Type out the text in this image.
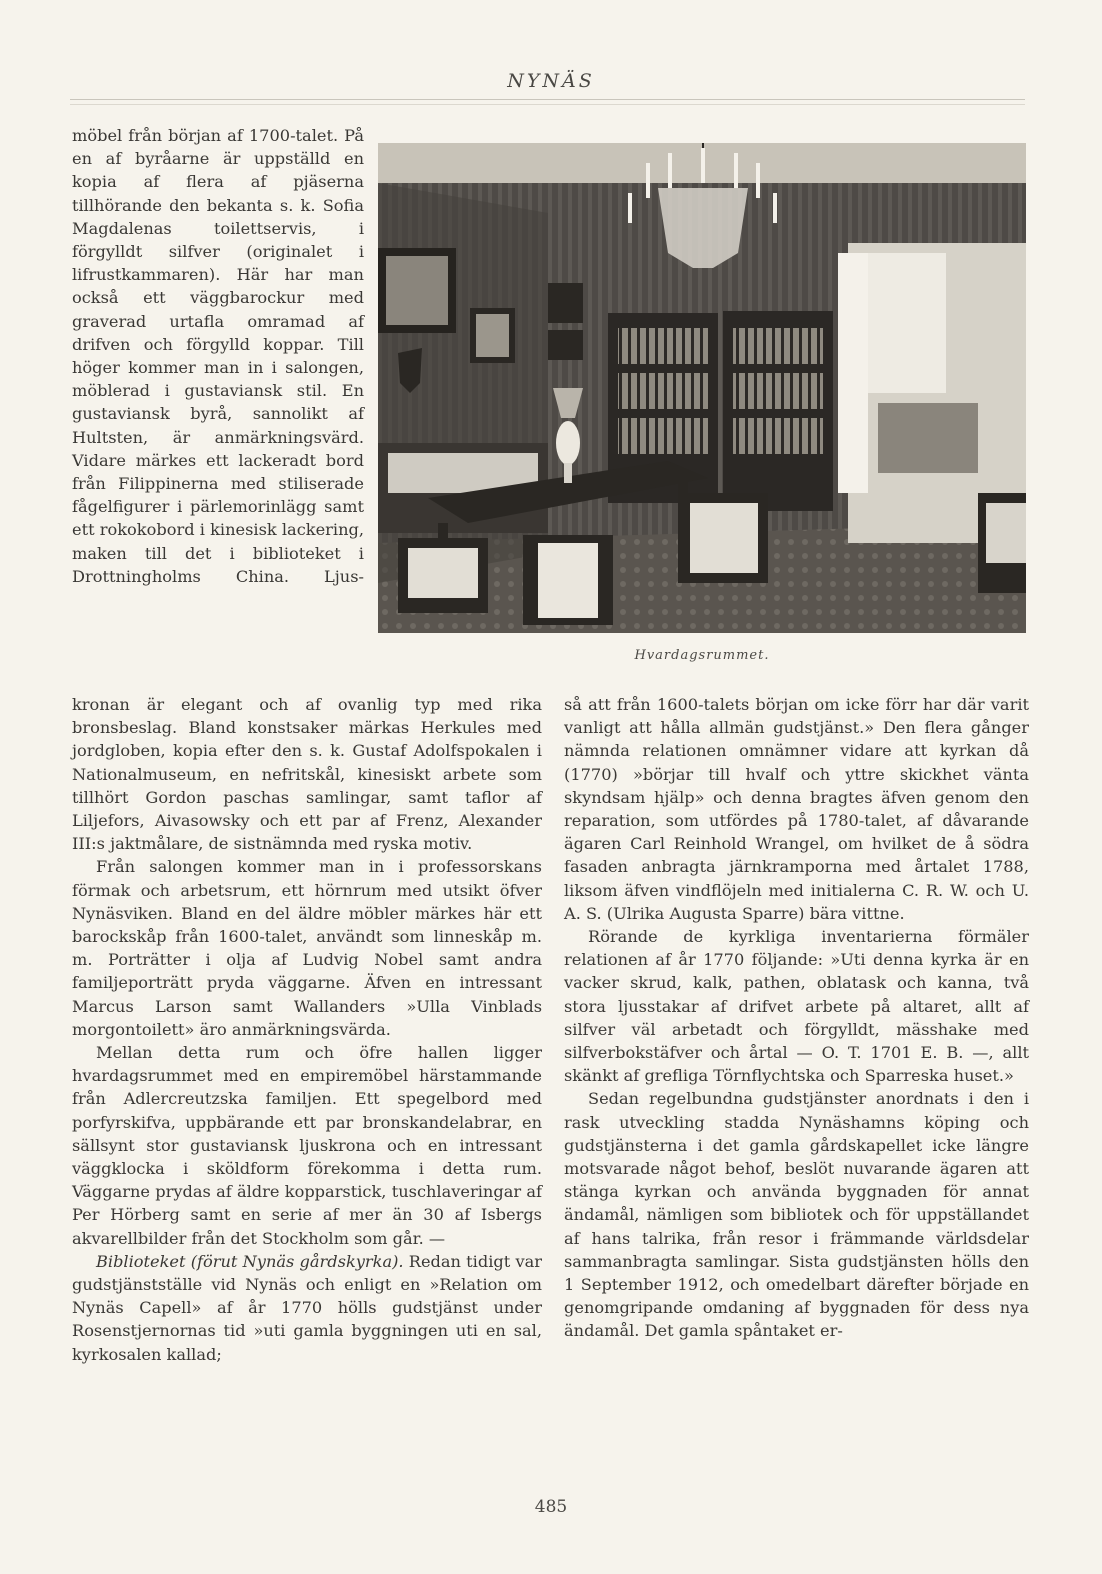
NYNÄS

möbel från början af 1700-talet. På en af byråarne är uppställd en kopia af flera af pjäserna tillhörande den bekanta s. k. Sofia Magdalenas toilettservis, i förgylldt silfver (originalet i lifrustkammaren). Här har man också ett väggbarockur med graverad urtafla omramad af drifven och förgylld koppar. Till höger kommer man in i salongen, möblerad i gustaviansk stil. En gustaviansk byrå, sannolikt af Hultsten, är anmärkningsvärd. Vidare märkes ett lackeradt bord från Filippinerna med stiliserade fågelfigurer i pärlemorinlägg samt ett rokokobord i kinesisk lackering, maken till det i biblioteket i Drottningholms China. Ljus-

Hvardagsrummet.

kronan är elegant och af ovanlig typ med rika bronsbeslag. Bland konstsaker märkas Herkules med jordgloben, kopia efter den s. k. Gustaf Adolfspokalen i Nationalmuseum, en nefritskål, kinesiskt arbete som tillhört Gordon paschas samlingar, samt taflor af Liljefors, Aivasowsky och ett par af Frenz, Alexander III:s jaktmålare, de sistnämnda med ryska motiv.

Från salongen kommer man in i professorskans förmak och arbetsrum, ett hörnrum med utsikt öfver Nynäsviken. Bland en del äldre möbler märkes här ett barockskåp från 1600-talet, användt som linneskåp m. m. Porträtter i olja af Ludvig Nobel samt andra familjeporträtt pryda väggarne. Äfven en intressant Marcus Larson samt Wallanders »Ulla Vinblads morgontoilett» äro anmärkningsvärda.

Mellan detta rum och öfre hallen ligger hvardagsrummet med en empiremöbel härstammande från Adlercreutzska familjen. Ett spegelbord med porfyrskifva, uppbärande ett par bronskandelabrar, en sällsynt stor gustaviansk ljuskrona och en intressant väggklocka i sköldform förekomma i detta rum. Väggarne prydas af äldre kopparstick, tuschlaveringar af Per Hörberg samt en serie af mer än 30 af Isbergs akvarellbilder från det Stockholm som går. —

Biblioteket (förut Nynäs gårdskyrka). Redan tidigt var gudstjänstställe vid Nynäs och enligt en »Relation om Nynäs Capell» af år 1770 hölls gudstjänst under Rosenstjernornas tid »uti gamla byggningen uti en sal, kyrkosalen kallad;

så att från 1600-talets början om icke förr har där varit vanligt att hålla allmän gudstjänst.» Den flera gånger nämnda relationen omnämner vidare att kyrkan då (1770) »börjar till hvalf och yttre skickhet vänta skyndsam hjälp» och denna bragtes äfven genom den reparation, som utfördes på 1780-talet, af dåvarande ägaren Carl Reinhold Wrangel, om hvilket de å södra fasaden anbragta järnkramporna med årtalet 1788, liksom äfven vindflöjeln med initialerna C. R. W. och U. A. S. (Ulrika Augusta Sparre) bära vittne.

Rörande de kyrkliga inventarierna förmäler relationen af år 1770 följande: »Uti denna kyrka är en vacker skrud, kalk, pathen, oblatask och kanna, två stora ljusstakar af drifvet arbete på altaret, allt af silfver väl arbetadt och förgylldt, mässhake med silfverbokstäfver och årtal — O. T. 1701 E. B. —, allt skänkt af grefliga Törnflychtska och Sparreska huset.»

Sedan regelbundna gudstjänster anordnats i den i rask utveckling stadda Nynäshamns köping och gudstjänsterna i det gamla gårdskapellet icke längre motsvarade något behof, beslöt nuvarande ägaren att stänga kyrkan och använda byggnaden för annat ändamål, nämligen som bibliotek och för uppställandet af hans talrika, från resor i främmande världsdelar sammanbragta samlingar. Sista gudstjänsten hölls den 1 September 1912, och omedelbart därefter började en genomgripande omdaning af byggnaden för dess nya ändamål. Det gamla spåntaket er-

485
